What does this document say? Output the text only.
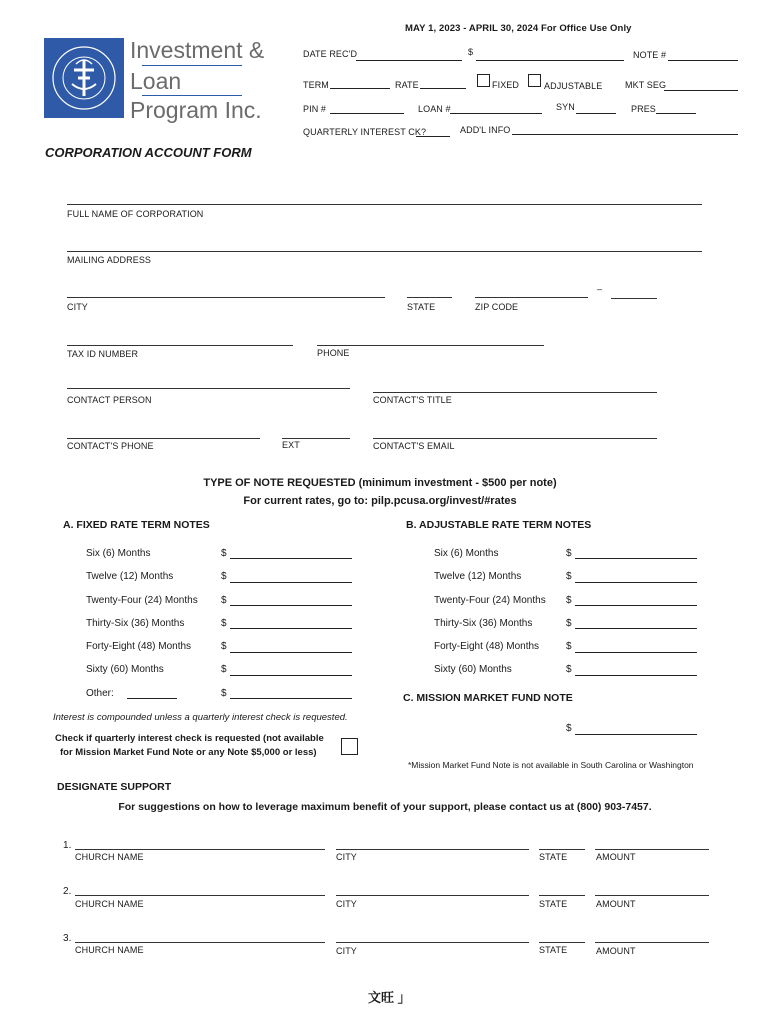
Investment &
Loan
Program Inc.
MAY 1, 2023 - APRIL 30, 2024 For Office Use Only
DATE REC'D	$	NOTE #
TERM	RATE	FIXED	ADJUSTABLE	MKT SEG
PIN #	LOAN #	SYN	PRES
QUARTERLY INTEREST CK?	ADD'L INFO
CORPORATION ACCOUNT FORM
FULL NAME OF CORPORATION
MAILING ADDRESS
CITY	STATE	ZIP CODE
_
TAX ID NUMBER	PHONE
CONTACT PERSON	CONTACT'S TITLE
CONTACT'S PHONE	EXT	CONTACT'S EMAIL
TYPE OF NOTE REQUESTED (minimum investment - $500 per note)
For current rates, go to: pilp.pcusa.org/invest/#rates
A. FIXED RATE TERM NOTES	B. ADJUSTABLE RATE TERM NOTES
Six (6) Months	$
Twelve (12) Months	$
Twenty-Four (24) Months $
Thirty-Six (36) Months	$
Forty-Eight (48) Months	$
Sixty (60) Months	$
Other:	$
Six (6) Months	$
Twelve (12) Months	$
Twenty-Four (24) Months $
Thirty-Six (36) Months	$
Forty-Eight (48) Months	$
Sixty (60) Months	$
C. MISSION MARKET FUND NOTE
$
Interest is compounded unless a quarterly interest check is requested.
Check if quarterly interest check is requested (not available
for Mission Market Fund Note or any Note $5,000 or less)
*Mission Market Fund Note is not available in South Carolina or Washington
DESIGNATE SUPPORT
For suggestions on how to leverage maximum benefit of your support, please contact us at (800) 903-7457.
1.
CHURCH NAME	CITY	STATE	AMOUNT
2.
CHURCH NAME	CITY	STATE	AMOUNT
3.
CHURCH NAME	CITY	STATE	AMOUNT
文旺 」
